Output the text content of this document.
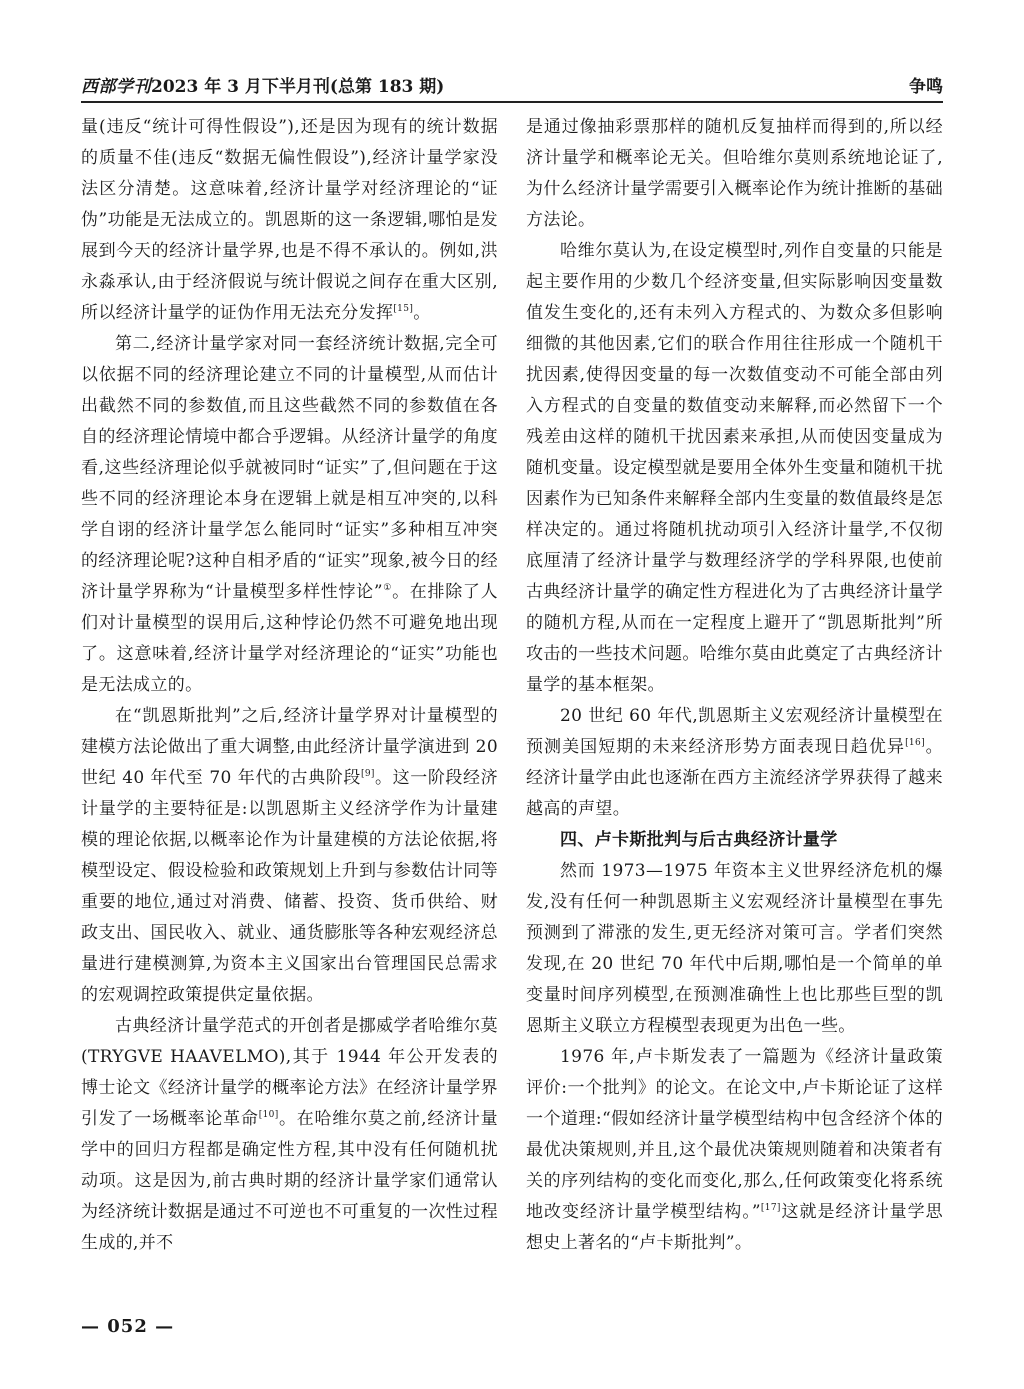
西部学刊2023 年 3 月下半月刊(总第 183 期)	争鸣

量(违反“统计可得性假设”),还是因为现有的统计数据的质量不佳(违反“数据无偏性假设”),经济计量学家没法区分清楚。这意味着,经济计量学对经济理论的“证伪”功能是无法成立的。凯恩斯的这一条逻辑,哪怕是发展到今天的经济计量学界,也是不得不承认的。例如,洪永淼承认,由于经济假说与统计假说之间存在重大区别,所以经济计量学的证伪作用无法充分发挥[15]。

第二,经济计量学家对同一套经济统计数据,完全可以依据不同的经济理论建立不同的计量模型,从而估计出截然不同的参数值,而且这些截然不同的参数值在各自的经济理论情境中都合乎逻辑。从经济计量学的角度看,这些经济理论似乎就被同时“证实”了,但问题在于这些不同的经济理论本身在逻辑上就是相互冲突的,以科学自诩的经济计量学怎么能同时“证实”多种相互冲突的经济理论呢?这种自相矛盾的“证实”现象,被今日的经济计量学界称为“计量模型多样性悖论”①。在排除了人们对计量模型的误用后,这种悖论仍然不可避免地出现了。这意味着,经济计量学对经济理论的“证实”功能也是无法成立的。

在“凯恩斯批判”之后,经济计量学界对计量模型的建模方法论做出了重大调整,由此经济计量学演进到 20 世纪 40 年代至 70 年代的古典阶段[9]。这一阶段经济计量学的主要特征是:以凯恩斯主义经济学作为计量建模的理论依据,以概率论作为计量建模的方法论依据,将模型设定、假设检验和政策规划上升到与参数估计同等重要的地位,通过对消费、储蓄、投资、货币供给、财政支出、国民收入、就业、通货膨胀等各种宏观经济总量进行建模测算,为资本主义国家出台管理国民总需求的宏观调控政策提供定量依据。

古典经济计量学范式的开创者是挪威学者哈维尔莫(TRYGVE HAAVELMO),其于 1944 年公开发表的博士论文《经济计量学的概率论方法》在经济计量学界引发了一场概率论革命[10]。在哈维尔莫之前,经济计量学中的回归方程都是确定性方程,其中没有任何随机扰动项。这是因为,前古典时期的经济计量学家们通常认为经济统计数据是通过不可逆也不可重复的一次性过程生成的,并不

是通过像抽彩票那样的随机反复抽样而得到的,所以经济计量学和概率论无关。但哈维尔莫则系统地论证了,为什么经济计量学需要引入概率论作为统计推断的基础方法论。

哈维尔莫认为,在设定模型时,列作自变量的只能是起主要作用的少数几个经济变量,但实际影响因变量数值发生变化的,还有未列入方程式的、为数众多但影响细微的其他因素,它们的联合作用往往形成一个随机干扰因素,使得因变量的每一次数值变动不可能全部由列入方程式的自变量的数值变动来解释,而必然留下一个残差由这样的随机干扰因素来承担,从而使因变量成为随机变量。设定模型就是要用全体外生变量和随机干扰因素作为已知条件来解释全部内生变量的数值最终是怎样决定的。通过将随机扰动项引入经济计量学,不仅彻底厘清了经济计量学与数理经济学的学科界限,也使前古典经济计量学的确定性方程进化为了古典经济计量学的随机方程,从而在一定程度上避开了“凯恩斯批判”所攻击的一些技术问题。哈维尔莫由此奠定了古典经济计量学的基本框架。

20 世纪 60 年代,凯恩斯主义宏观经济计量模型在预测美国短期的未来经济形势方面表现日趋优异[16]。经济计量学由此也逐渐在西方主流经济学界获得了越来越高的声望。

四、卢卡斯批判与后古典经济计量学

然而 1973—1975 年资本主义世界经济危机的爆发,没有任何一种凯恩斯主义宏观经济计量模型在事先预测到了滞涨的发生,更无经济对策可言。学者们突然发现,在 20 世纪 70 年代中后期,哪怕是一个简单的单变量时间序列模型,在预测准确性上也比那些巨型的凯恩斯主义联立方程模型表现更为出色一些。

1976 年,卢卡斯发表了一篇题为《经济计量政策评价:一个批判》的论文。在论文中,卢卡斯论证了这样一个道理:“假如经济计量学模型结构中包含经济个体的最优决策规则,并且,这个最优决策规则随着和决策者有关的序列结构的变化而变化,那么,任何政策变化将系统地改变经济计量学模型结构。”[17]这就是经济计量学思想史上著名的“卢卡斯批判”。

— 052 —
